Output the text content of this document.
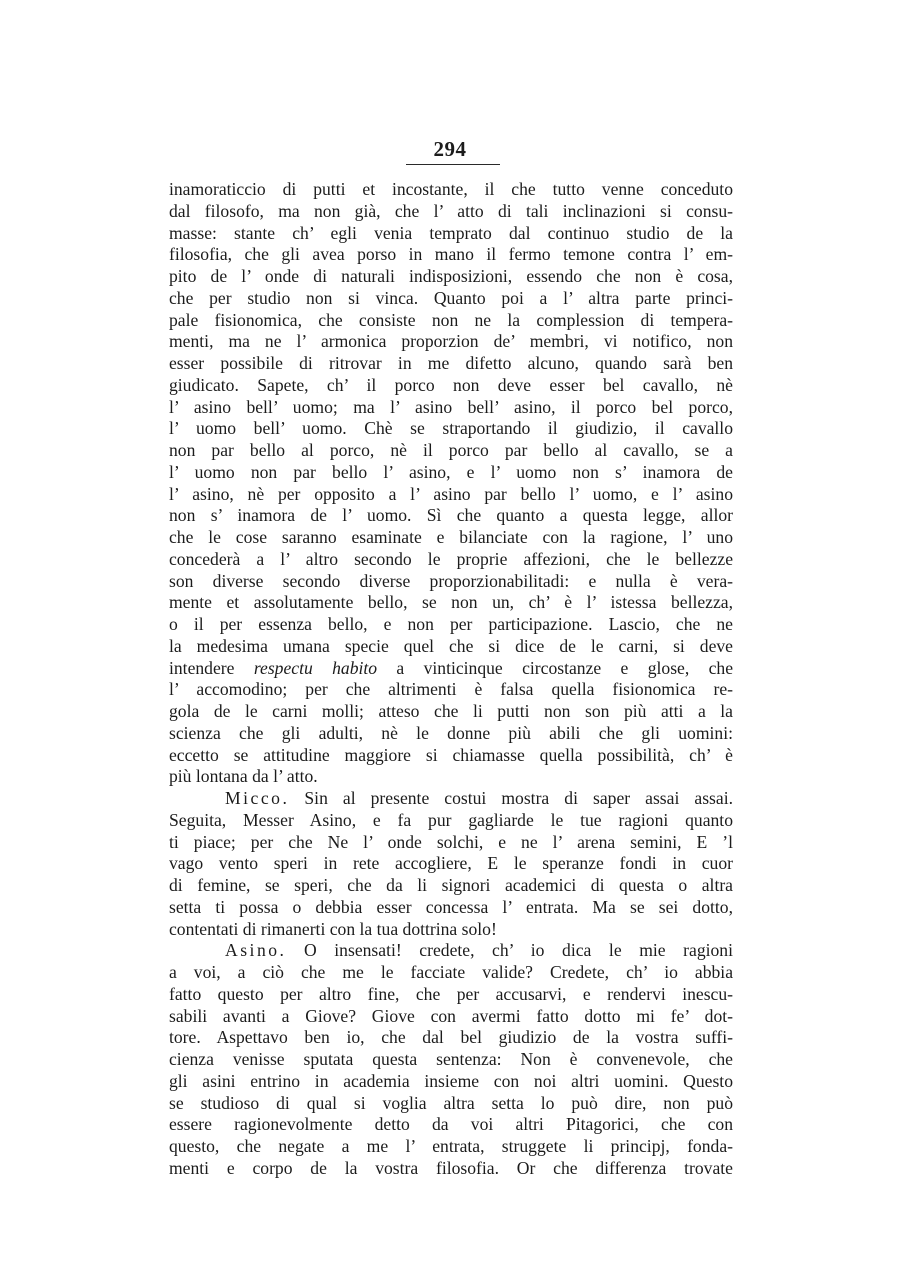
294
inamoraticcio di putti et incostante, il che tutto venne conceduto
dal filosofo, ma non già, che l’ atto di tali inclinazioni si consu-
masse: stante ch’ egli venia temprato dal continuo studio de la
filosofia, che gli avea porso in mano il fermo temone contra l’ em-
pito de l’ onde di naturali indisposizioni, essendo che non è cosa,
che per studio non si vinca. Quanto poi a l’ altra parte princi-
pale fisionomica, che consiste non ne la complession di tempera-
menti, ma ne l’ armonica proporzion de’ membri, vi notifico, non
esser possibile di ritrovar in me difetto alcuno, quando sarà ben
giudicato. Sapete, ch’ il porco non deve esser bel cavallo, nè
l’ asino bell’ uomo; ma l’ asino bell’ asino, il porco bel porco,
l’ uomo bell’ uomo. Chè se straportando il giudizio, il cavallo
non par bello al porco, nè il porco par bello al cavallo, se a
l’ uomo non par bello l’ asino, e l’ uomo non s’ inamora de
l’ asino, nè per opposito a l’ asino par bello l’ uomo, e l’ asino
non s’ inamora de l’ uomo. Sì che quanto a questa legge, allor
che le cose saranno esaminate e bilanciate con la ragione, l’ uno
concederà a l’ altro secondo le proprie affezioni, che le bellezze
son diverse secondo diverse proporzionabilitadi: e nulla è vera-
mente et assolutamente bello, se non un, ch’ è l’ istessa bellezza,
o il per essenza bello, e non per participazione. Lascio, che ne
la medesima umana specie quel che si dice de le carni, si deve
intendere respectu habito a vinticinque circostanze e glose, che
l’ accomodino; per che altrimenti è falsa quella fisionomica re-
gola de le carni molli; atteso che li putti non son più atti a la
scienza che gli adulti, nè le donne più abili che gli uomini:
eccetto se attitudine maggiore si chiamasse quella possibilità, ch’ è
più lontana da l’ atto.
Micco. Sin al presente costui mostra di saper assai assai.
Seguita, Messer Asino, e fa pur gagliarde le tue ragioni quanto
ti piace; per che Ne l’ onde solchi, e ne l’ arena semini, E ’l
vago vento speri in rete accogliere, E le speranze fondi in cuor
di femine, se speri, che da li signori academici di questa o altra
setta ti possa o debbia esser concessa l’ entrata. Ma se sei dotto,
contentati di rimanerti con la tua dottrina solo!
Asino. O insensati! credete, ch’ io dica le mie ragioni
a voi, a ciò che me le facciate valide? Credete, ch’ io abbia
fatto questo per altro fine, che per accusarvi, e rendervi inescu-
sabili avanti a Giove? Giove con avermi fatto dotto mi fe’ dot-
tore. Aspettavo ben io, che dal bel giudizio de la vostra suffi-
cienza venisse sputata questa sentenza: Non è convenevole, che
gli asini entrino in academia insieme con noi altri uomini. Questo
se studioso di qual si voglia altra setta lo può dire, non può
essere ragionevolmente detto da voi altri Pitagorici, che con
questo, che negate a me l’ entrata, struggete li principj, fonda-
menti e corpo de la vostra filosofia. Or che differenza trovate
